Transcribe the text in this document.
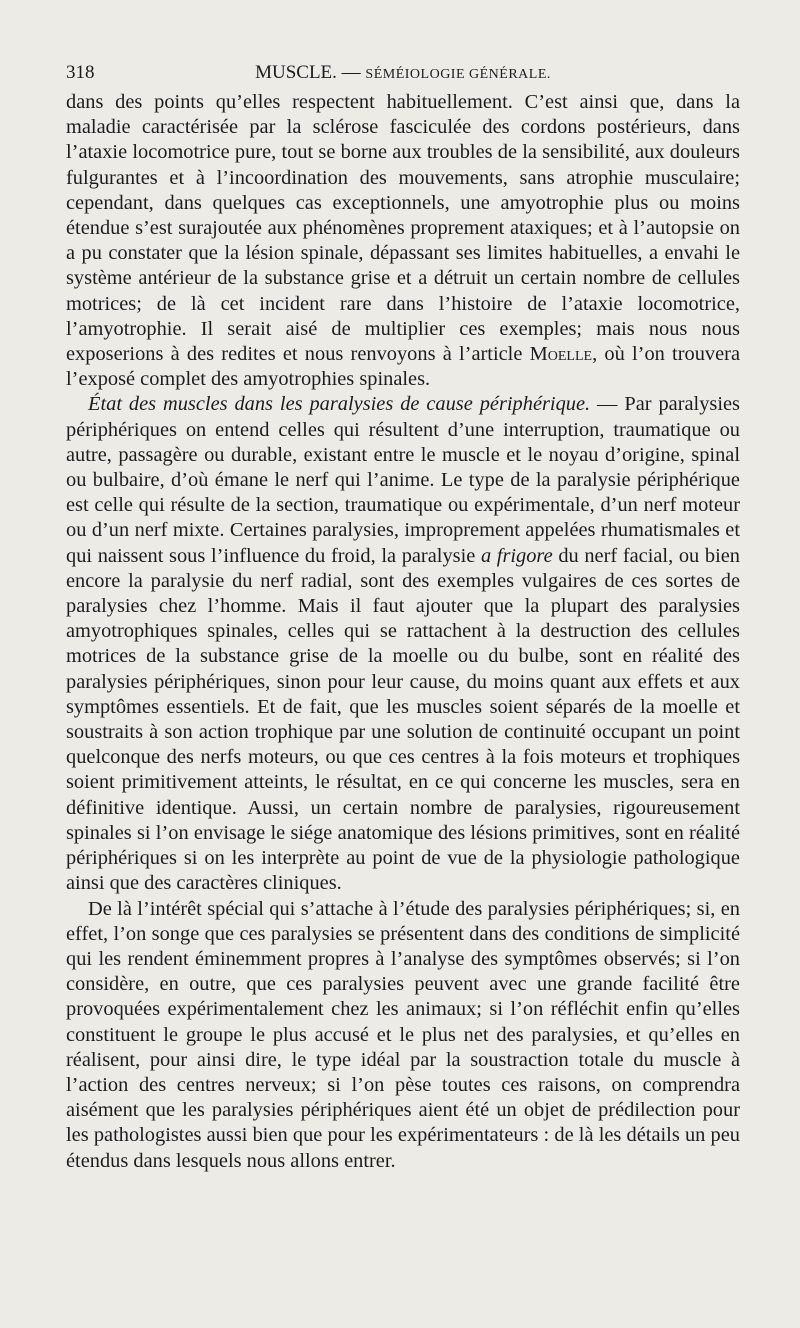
318	MUSCLE. — SÉMÉIOLOGIE GÉNÉRALE.

dans des points qu’elles respectent habituellement. C’est ainsi que, dans la maladie caractérisée par la sclérose fasciculée des cordons postérieurs, dans l’ataxie locomotrice pure, tout se borne aux troubles de la sensibilité, aux douleurs fulgurantes et à l’incoordination des mouvements, sans atrophie musculaire; cependant, dans quelques cas exceptionnels, une amyotrophie plus ou moins étendue s’est surajoutée aux phénomènes proprement ataxiques; et à l’autopsie on a pu constater que la lésion spinale, dépassant ses limites habituelles, a envahi le système antérieur de la substance grise et a détruit un certain nombre de cellules motrices; de là cet incident rare dans l’histoire de l’ataxie locomotrice, l’amyotrophie. Il serait aisé de multiplier ces exemples; mais nous nous exposerions à des redites et nous renvoyons à l’article Moelle, où l’on trouvera l’exposé complet des amyotrophies spinales.

État des muscles dans les paralysies de cause périphérique. — Par paralysies périphériques on entend celles qui résultent d’une interruption, traumatique ou autre, passagère ou durable, existant entre le muscle et le noyau d’origine, spinal ou bulbaire, d’où émane le nerf qui l’anime. Le type de la paralysie périphérique est celle qui résulte de la section, traumatique ou expérimentale, d’un nerf moteur ou d’un nerf mixte. Certaines paralysies, improprement appelées rhumatismales et qui naissent sous l’influence du froid, la paralysie a frigore du nerf facial, ou bien encore la paralysie du nerf radial, sont des exemples vulgaires de ces sortes de paralysies chez l’homme. Mais il faut ajouter que la plupart des paralysies amyotrophiques spinales, celles qui se rattachent à la destruction des cellules motrices de la substance grise de la moelle ou du bulbe, sont en réalité des paralysies périphériques, sinon pour leur cause, du moins quant aux effets et aux symptômes essentiels. Et de fait, que les muscles soient séparés de la moelle et soustraits à son action trophique par une solution de continuité occupant un point quelconque des nerfs moteurs, ou que ces centres à la fois moteurs et trophiques soient primitivement atteints, le résultat, en ce qui concerne les muscles, sera en définitive identique. Aussi, un certain nombre de paralysies, rigoureusement spinales si l’on envisage le siége anatomique des lésions primitives, sont en réalité périphériques si on les interprète au point de vue de la physiologie pathologique ainsi que des caractères cliniques.

De là l’intérêt spécial qui s’attache à l’étude des paralysies périphériques; si, en effet, l’on songe que ces paralysies se présentent dans des conditions de simplicité qui les rendent éminemment propres à l’analyse des symptômes observés; si l’on considère, en outre, que ces paralysies peuvent avec une grande facilité être provoquées expérimentalement chez les animaux; si l’on réfléchit enfin qu’elles constituent le groupe le plus accusé et le plus net des paralysies, et qu’elles en réalisent, pour ainsi dire, le type idéal par la soustraction totale du muscle à l’action des centres nerveux; si l’on pèse toutes ces raisons, on comprendra aisément que les paralysies périphériques aient été un objet de prédilection pour les pathologistes aussi bien que pour les expérimentateurs : de là les détails un peu étendus dans lesquels nous allons entrer.
